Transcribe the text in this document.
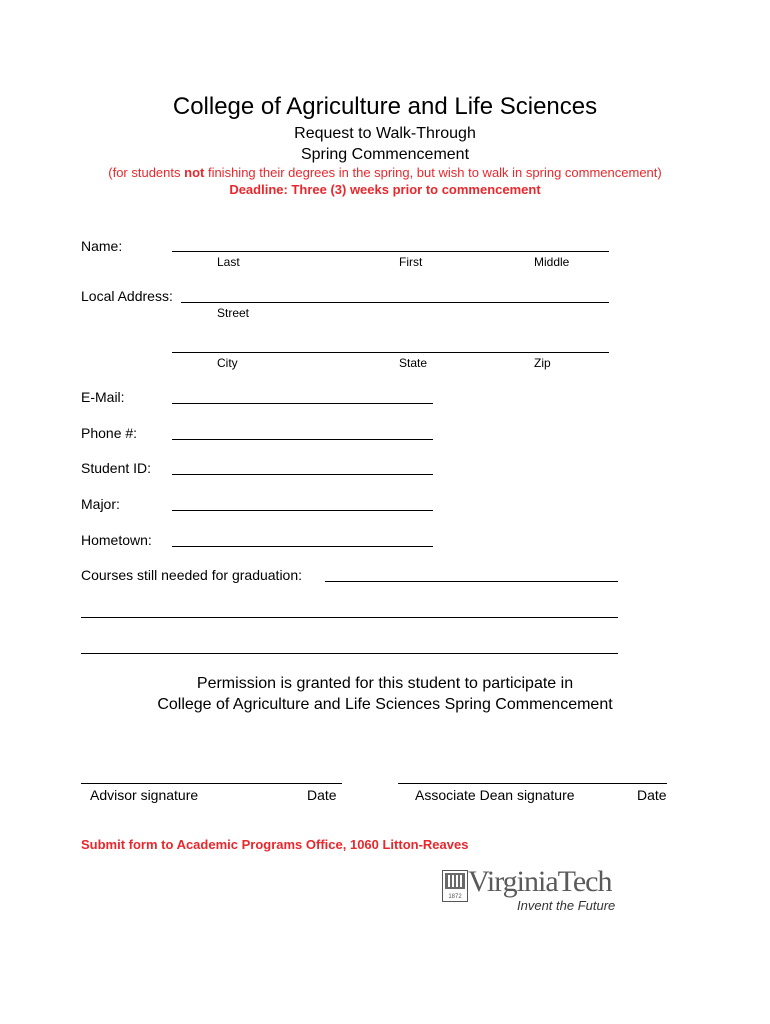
College of Agriculture and Life Sciences
Request to Walk-Through
Spring Commencement
(for students not finishing their degrees in the spring, but wish to walk in spring commencement)
Deadline: Three (3) weeks prior to commencement
Name:
Last	First	Middle
Local Address:
Street
City	State	Zip
E-Mail:
Phone #:
Student ID:
Major:
Hometown:
Courses still needed for graduation:
Permission is granted for this student to participate in
College of Agriculture and Life Sciences Spring Commencement
Advisor signature	Date	Associate Dean signature	Date
Submit form to Academic Programs Office, 1060 Litton-Reaves
1872 VirginiaTech
Invent the Future
